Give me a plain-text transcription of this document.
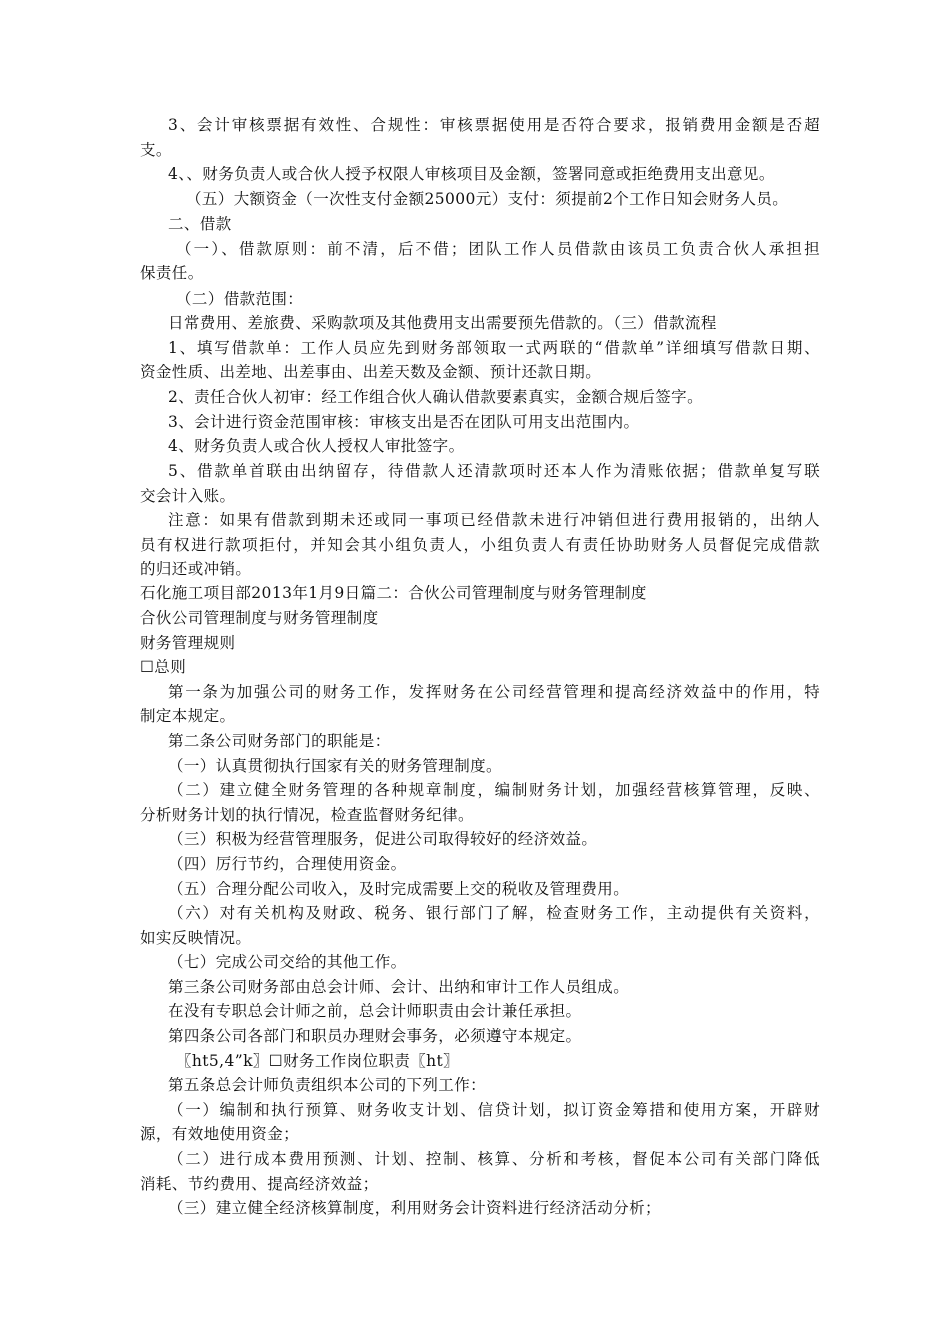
3、会计审核票据有效性、合规性：审核票据使用是否符合要求，报销费用金额是否超
支。
4、、财务负责人或合伙人授予权限人审核项目及金额，签署同意或拒绝费用支出意见。
（五）大额资金（一次性支付金额25000元）支付：须提前2个工作日知会财务人员。
二、借款
（一）、借款原则：前不清，后不借；团队工作人员借款由该员工负责合伙人承担担
保责任。
（二）借款范围：
日常费用、差旅费、采购款项及其他费用支出需要预先借款的。（三）借款流程
1、填写借款单：工作人员应先到财务部领取一式两联的“借款单”详细填写借款日期、
资金性质、出差地、出差事由、出差天数及金额、预计还款日期。
2、责任合伙人初审：经工作组合伙人确认借款要素真实，金额合规后签字。
3、会计进行资金范围审核：审核支出是否在团队可用支出范围内。
4、财务负责人或合伙人授权人审批签字。
5、借款单首联由出纳留存，待借款人还清款项时还本人作为清账依据；借款单复写联
交会计入账。
注意：如果有借款到期未还或同一事项已经借款未进行冲销但进行费用报销的，出纳人
员有权进行款项拒付，并知会其小组负责人，小组负责人有责任协助财务人员督促完成借款
的归还或冲销。
石化施工项目部2013年1月9日篇二：合伙公司管理制度与财务管理制度
合伙公司管理制度与财务管理制度
财务管理规则
☐总则
第一条为加强公司的财务工作，发挥财务在公司经营管理和提高经济效益中的作用，特
制定本规定。
第二条公司财务部门的职能是：
（一）认真贯彻执行国家有关的财务管理制度。
（二）建立健全财务管理的各种规章制度，编制财务计划，加强经营核算管理，反映、
分析财务计划的执行情况，检查监督财务纪律。
（三）积极为经营管理服务，促进公司取得较好的经济效益。
（四）厉行节约，合理使用资金。
（五）合理分配公司收入，及时完成需要上交的税收及管理费用。
（六）对有关机构及财政、税务、银行部门了解，检查财务工作，主动提供有关资料，
如实反映情况。
（七）完成公司交给的其他工作。
第三条公司财务部由总会计师、会计、出纳和审计工作人员组成。
在没有专职总会计师之前，总会计师职责由会计兼任承担。
第四条公司各部门和职员办理财会事务，必须遵守本规定。
〖ht5,4”k〗☐财务工作岗位职责〖ht〗
第五条总会计师负责组织本公司的下列工作：
（一）编制和执行预算、财务收支计划、信贷计划，拟订资金筹措和使用方案，开辟财
源，有效地使用资金；
（二）进行成本费用预测、计划、控制、核算、分析和考核，督促本公司有关部门降低
消耗、节约费用、提高经济效益；
（三）建立健全经济核算制度，利用财务会计资料进行经济活动分析；
